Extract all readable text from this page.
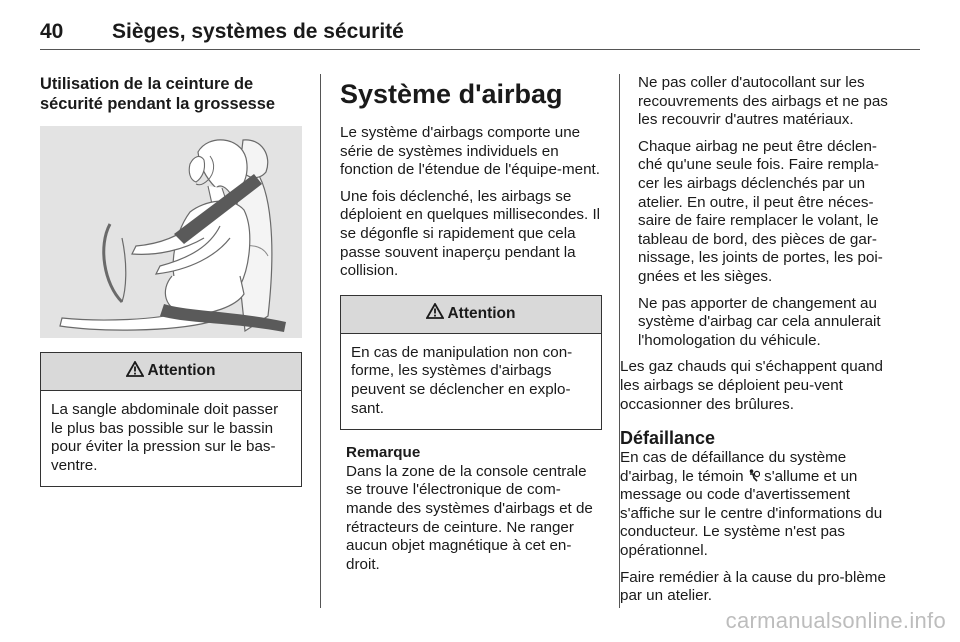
40 Sièges, systèmes de sécurité
Utilisation de la ceinture de sécurité pendant la grossesse
Attention
La sangle abdominale doit passer le plus bas possible sur le bassin pour éviter la pression sur le bas-ventre.
Système d'airbag

Le système d'airbags comporte une série de systèmes individuels en fonction de l'étendue de l'équipe-ment.

Une fois déclenché, les airbags se déploient en quelques millisecondes. Il se dégonfle si rapidement que cela passe souvent inaperçu pendant la collision.

Attention
En cas de manipulation non con-forme, les systèmes d'airbags peuvent se déclencher en explo-sant.
Remarque
Dans la zone de la console centrale se trouve l'électronique de com-mande des systèmes d'airbags et de rétracteurs de ceinture. Ne ranger aucun objet magnétique à cet en-droit.

Ne pas coller d'autocollant sur les recouvrements des airbags et ne pas les recouvrir d'autres matériaux.

Chaque airbag ne peut être déclen-ché qu'une seule fois. Faire rempla-cer les airbags déclenchés par un atelier. En outre, il peut être néces-saire de faire remplacer le volant, le tableau de bord, des pièces de gar-nissage, les joints de portes, les poi-gnées et les sièges.

Ne pas apporter de changement au système d'airbag car cela annulerait l'homologation du véhicule.

Les gaz chauds qui s'échappent quand les airbags se déploient peu-vent occasionner des brûlures.

Défaillance

En cas de défaillance du système d'airbag, le témoin s'allume et un message ou code d'avertissement s'affiche sur le centre d'informations du conducteur. Le système n'est pas opérationnel.

Faire remédier à la cause du pro-blème par un atelier.

carmanualsonline.info
